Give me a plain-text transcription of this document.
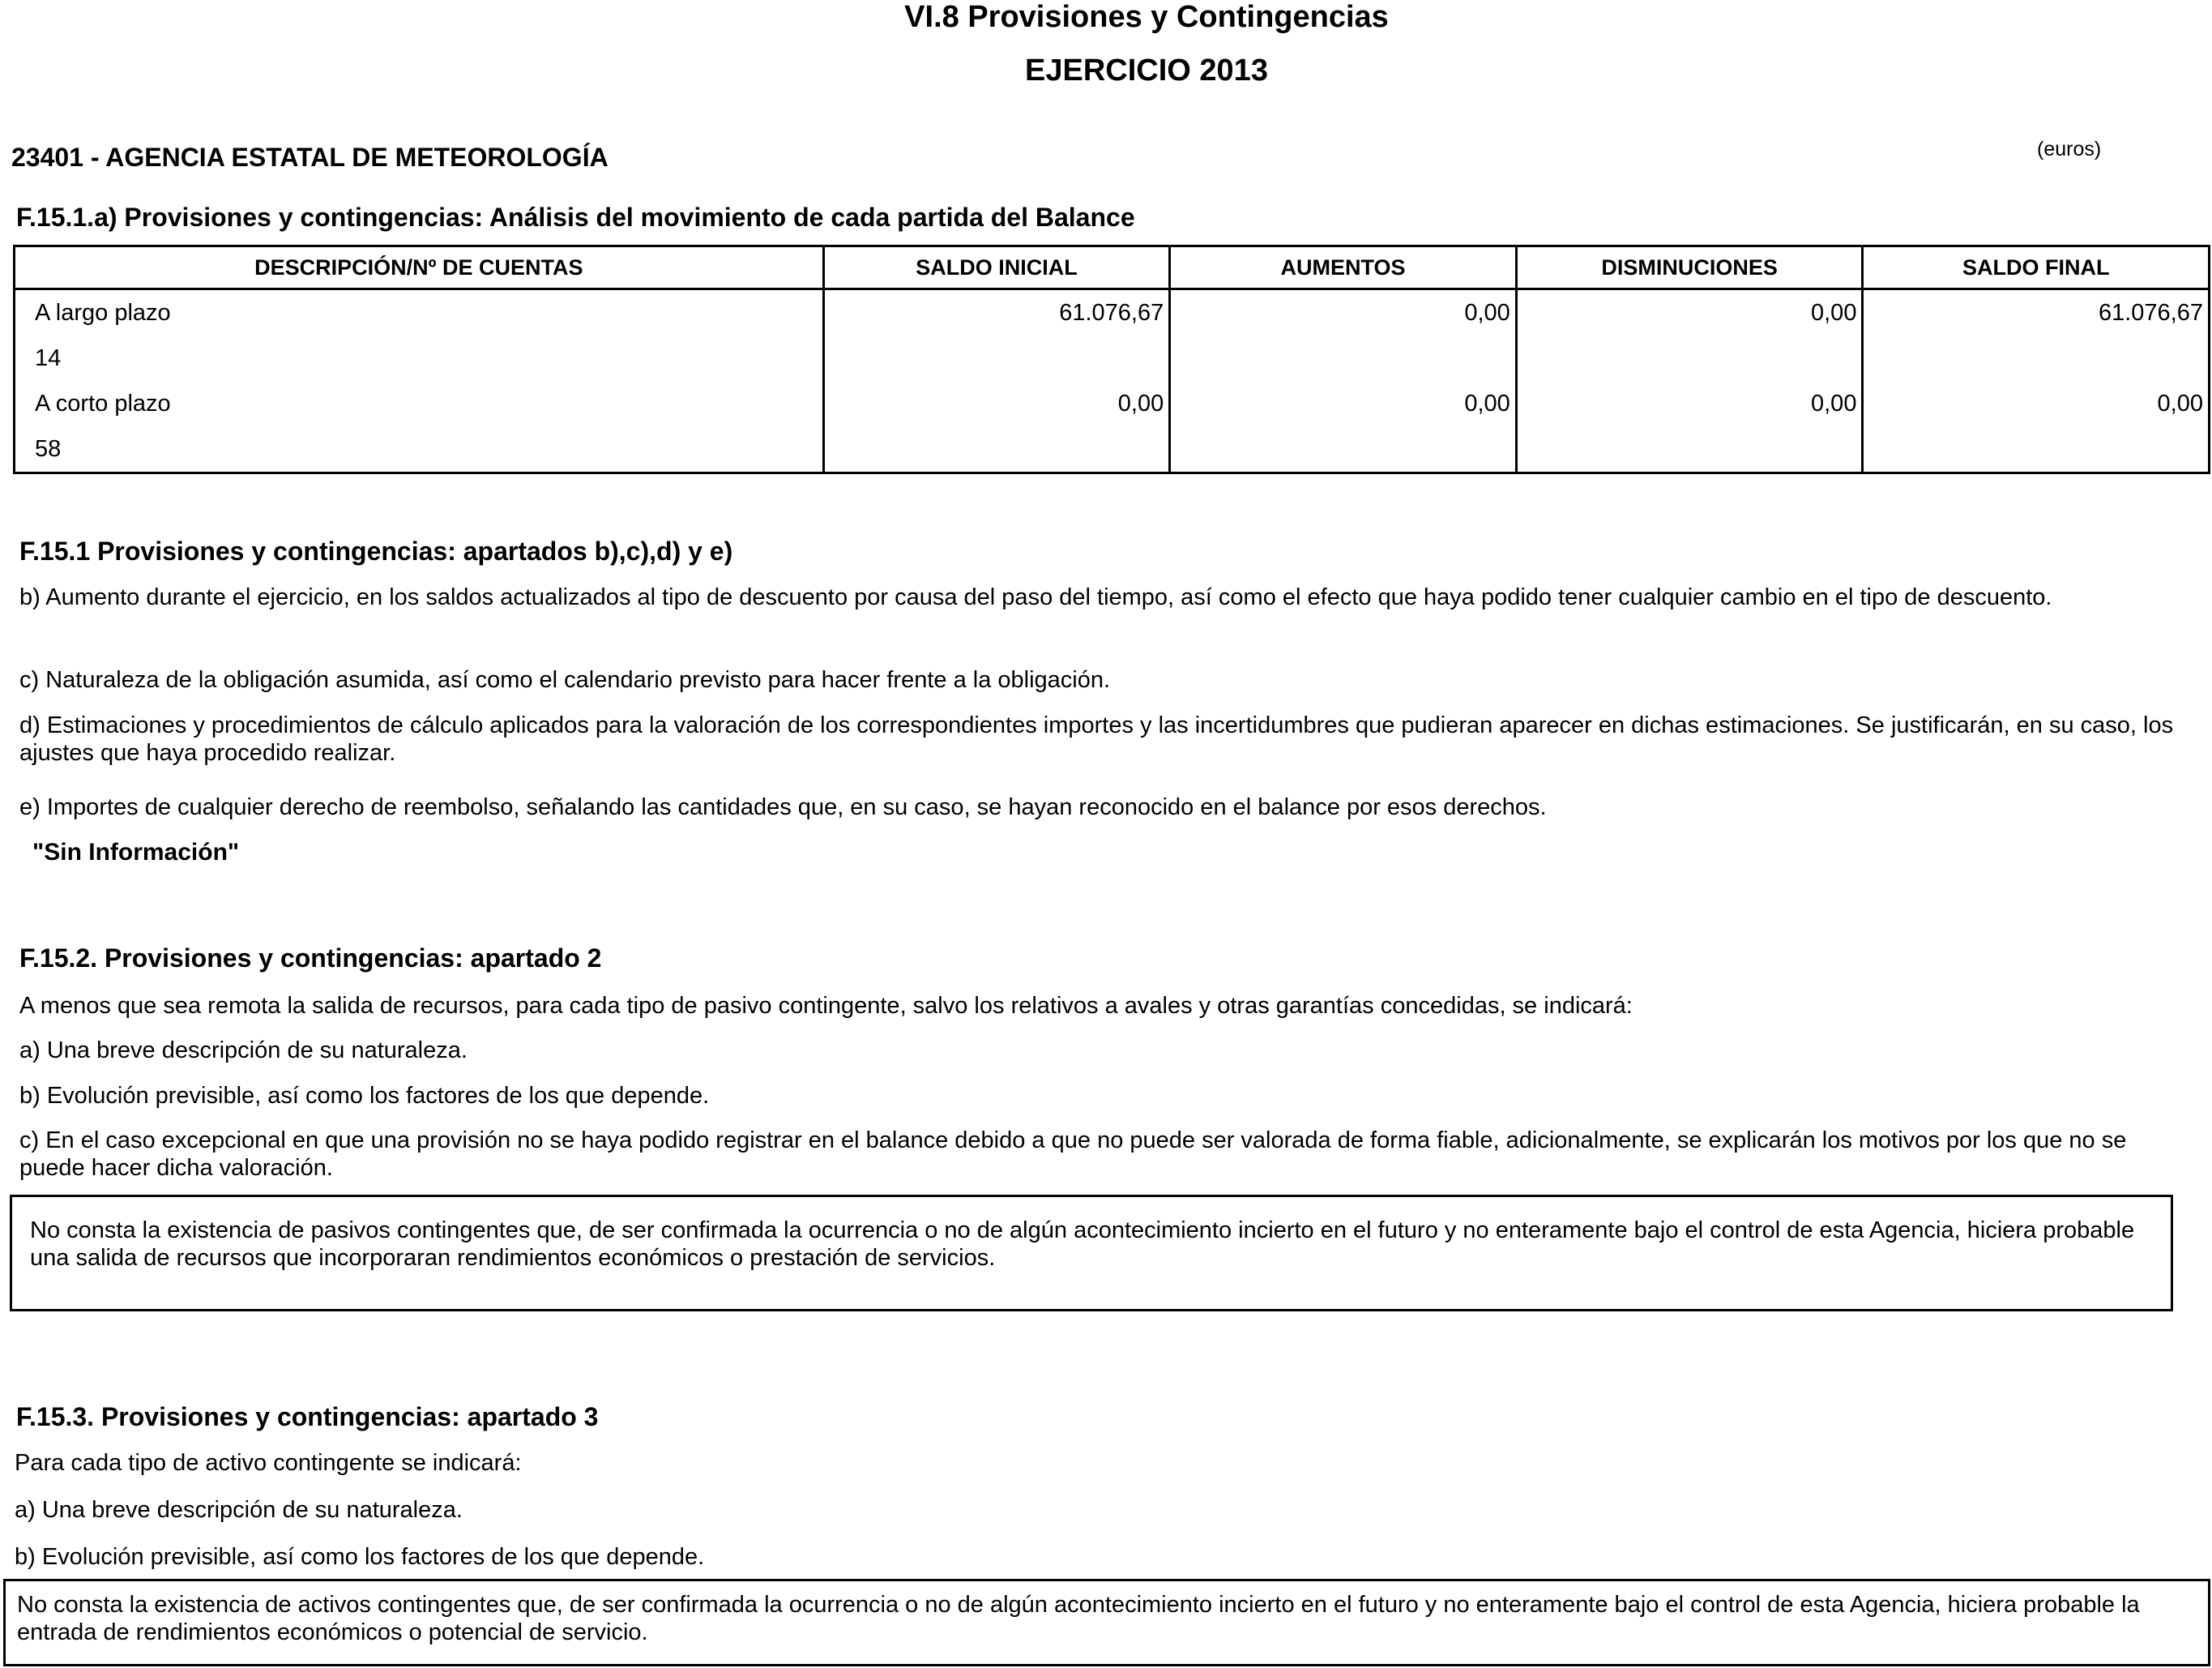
VI.8 Provisiones y Contingencias
EJERCICIO 2013
23401 - AGENCIA ESTATAL DE METEOROLOGÍA	(euros)
F.15.1.a) Provisiones y contingencias: Análisis del movimiento de cada partida del Balance
DESCRIPCIÓN/Nº DE CUENTAS	SALDO INICIAL	AUMENTOS	DISMINUCIONES	SALDO FINAL
A largo plazo	61.076,67	0,00	0,00	61.076,67
14				
A corto plazo	0,00	0,00	0,00	0,00
58				
F.15.1 Provisiones y contingencias: apartados b),c),d) y e)
b) Aumento durante el ejercicio, en los saldos actualizados al tipo de descuento por causa del paso del tiempo, así como el efecto que haya podido tener cualquier cambio en el tipo de descuento.
c) Naturaleza de la obligación asumida, así como el calendario previsto para hacer frente a la obligación.
d) Estimaciones y procedimientos de cálculo aplicados para la valoración de los correspondientes importes y las incertidumbres que pudieran aparecer en dichas estimaciones. Se justificarán, en su caso, los ajustes que haya procedido realizar.
e) Importes de cualquier derecho de reembolso, señalando las cantidades que, en su caso, se hayan reconocido en el balance por esos derechos.
"Sin Información"
F.15.2. Provisiones y contingencias: apartado 2
A menos que sea remota la salida de recursos, para cada tipo de pasivo contingente, salvo los relativos a avales y otras garantías concedidas, se indicará:
a) Una breve descripción de su naturaleza.
b) Evolución previsible, así como los factores de los que depende.
c) En el caso excepcional en que una provisión no se haya podido registrar en el balance debido a que no puede ser valorada de forma fiable, adicionalmente, se explicarán los motivos por los que no se puede hacer dicha valoración.
No consta la existencia de pasivos contingentes que, de ser confirmada la ocurrencia o no de algún acontecimiento incierto en el futuro y no enteramente bajo el control de esta Agencia, hiciera probable una salida de recursos que incorporaran rendimientos económicos o prestación de servicios.
F.15.3. Provisiones y contingencias: apartado 3
Para cada tipo de activo contingente se indicará:
a) Una breve descripción de su naturaleza.
b) Evolución previsible, así como los factores de los que depende.
No consta la existencia de activos contingentes que, de ser confirmada la ocurrencia o no de algún acontecimiento incierto en el futuro y no enteramente bajo el control de esta Agencia, hiciera probable la entrada de rendimientos económicos o potencial de servicio.
